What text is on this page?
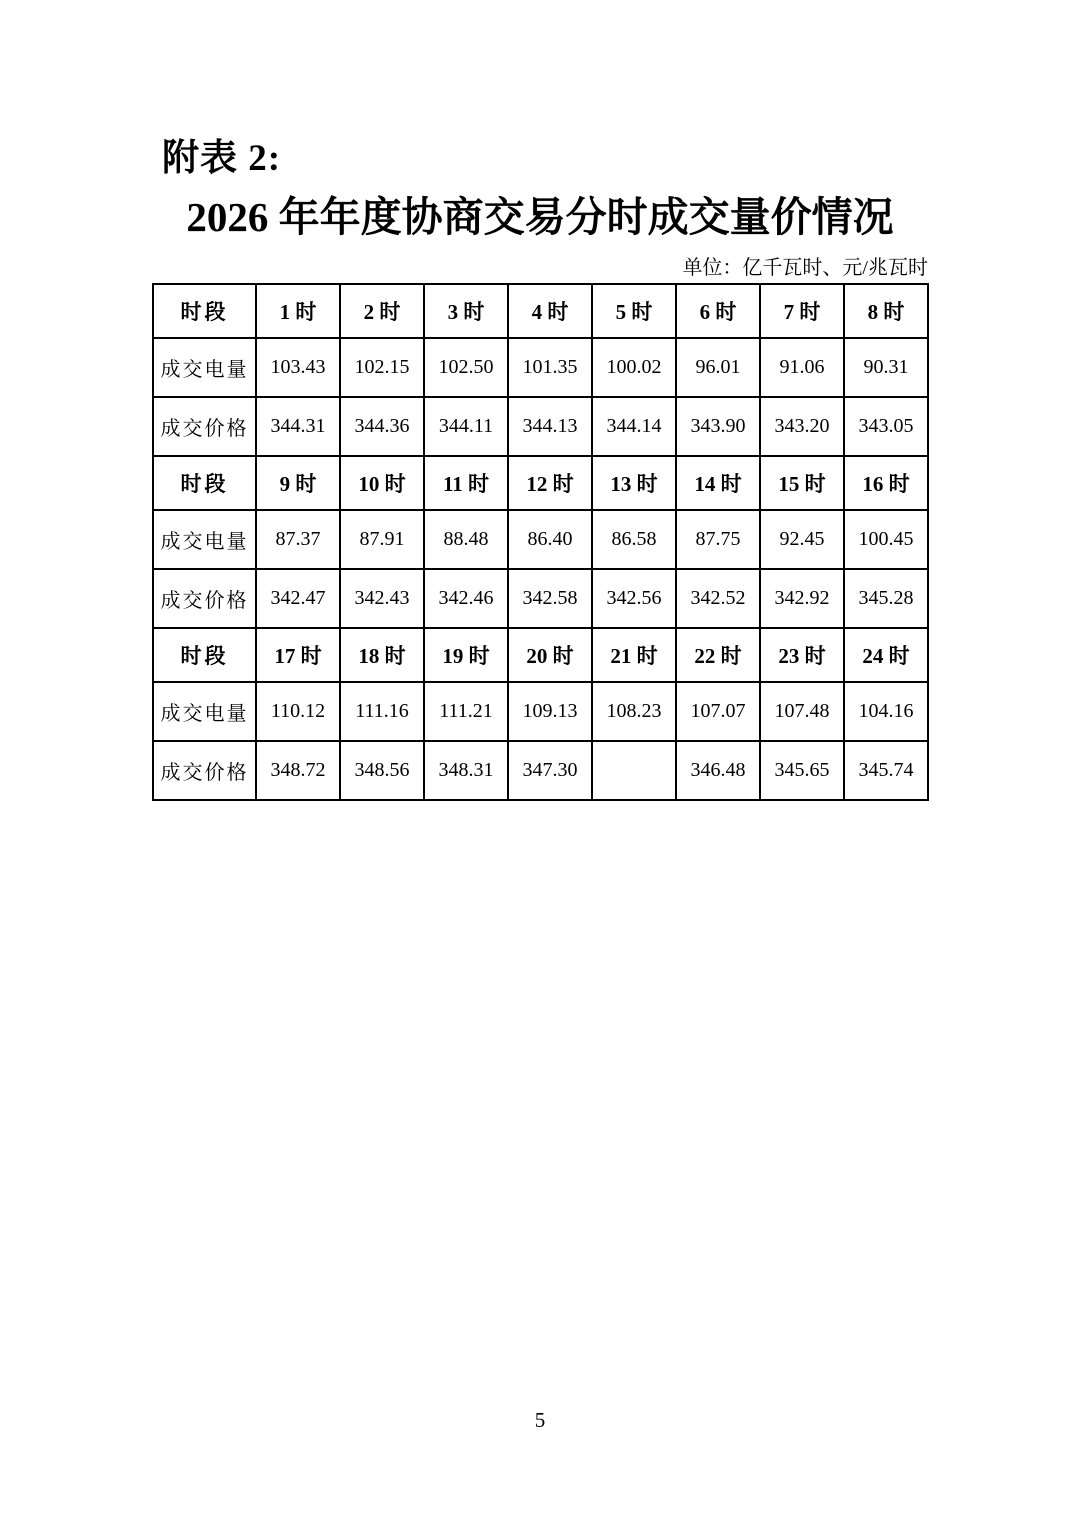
附表 2:
2026 年年度协商交易分时成交量价情况
单位：亿千瓦时、元/兆瓦时
时段	1 时	2 时	3 时	4 时	5 时	6 时	7 时	8 时
成交电量	103.43	102.15	102.50	101.35	100.02	96.01	91.06	90.31
成交价格	344.31	344.36	344.11	344.13	344.14	343.90	343.20	343.05
时段	9 时	10 时	11 时	12 时	13 时	14 时	15 时	16 时
成交电量	87.37	87.91	88.48	86.40	86.58	87.75	92.45	100.45
成交价格	342.47	342.43	342.46	342.58	342.56	342.52	342.92	345.28
时段	17 时	18 时	19 时	20 时	21 时	22 时	23 时	24 时
成交电量	110.12	111.16	111.21	109.13	108.23	107.07	107.48	104.16
成交价格	348.72	348.56	348.31	347.30		346.48	345.65	345.74
5
